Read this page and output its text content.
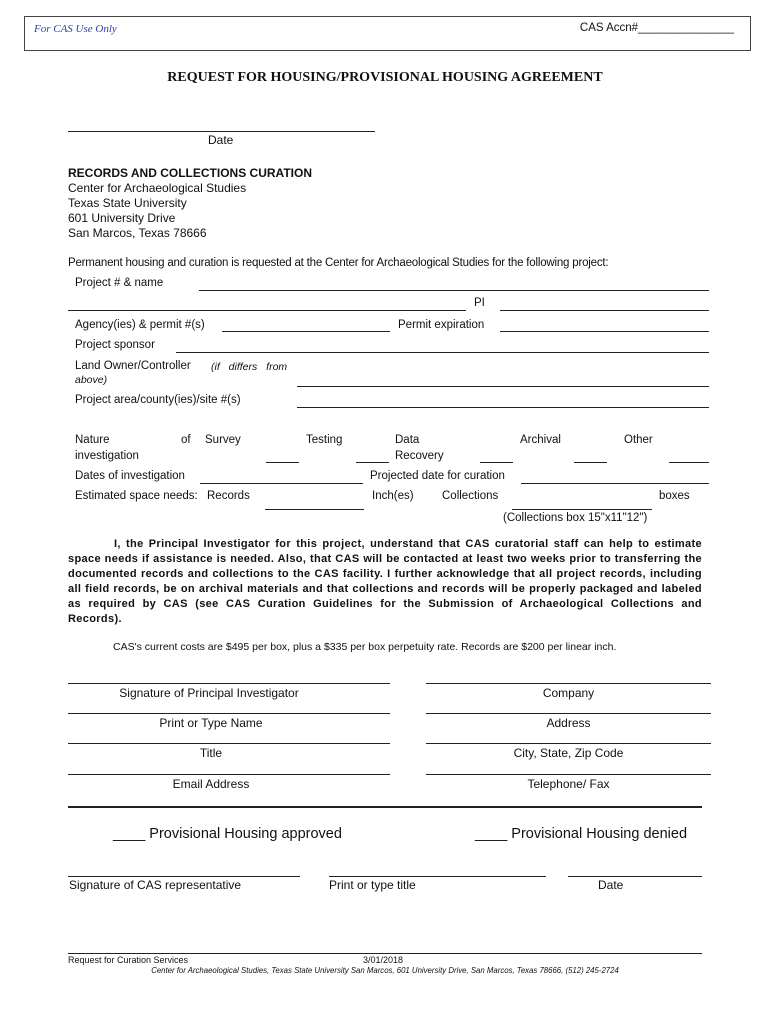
For CAS Use Only	CAS Accn#_______________
REQUEST FOR HOUSING/PROVISIONAL HOUSING AGREEMENT
Date
RECORDS AND COLLECTIONS CURATION
Center for Archaeological Studies
Texas State University
601 University Drive
San Marcos, Texas 78666
Permanent housing and curation is requested at the Center for Archaeological Studies for the following project:
Project # & name
PI
Agency(ies) & permit #(s)	Permit expiration
Project sponsor
Land Owner/Controller (if differs from
above)
Project area/county(ies)/site #(s)
Nature	of
investigation
Survey	Testing	Data
Recovery
Archival	Other
Dates of investigation	Projected date for curation
Estimated space needs: Records	Inch(es) Collections	boxes
(Collections box 15"x11"12")
I, the Principal Investigator for this project, understand that CAS curatorial staff can help to estimate space needs if assistance is needed. Also, that CAS will be contacted at least two weeks prior to transferring the documented records and collections to the CAS facility. I further acknowledge that all project records, including all field records, be on archival materials and that collections and records will be properly packaged and labeled as required by CAS (see CAS Curation Guidelines for the Submission of Archaeological Collections and Records).
CAS's current costs are $495 per box, plus a $335 per box perpetuity rate. Records are $200 per linear inch.
Signature of Principal Investigator	Company
Print or Type Name	Address
Title	City, State, Zip Code
Email Address	Telephone/ Fax
____ Provisional Housing approved	____ Provisional Housing denied
Signature of CAS representative	Print or type title	Date
Request for Curation Services	3/01/2018
Center for Archaeological Studies, Texas State University San Marcos, 601 University Drive, San Marcos, Texas 78666, (512) 245-2724
